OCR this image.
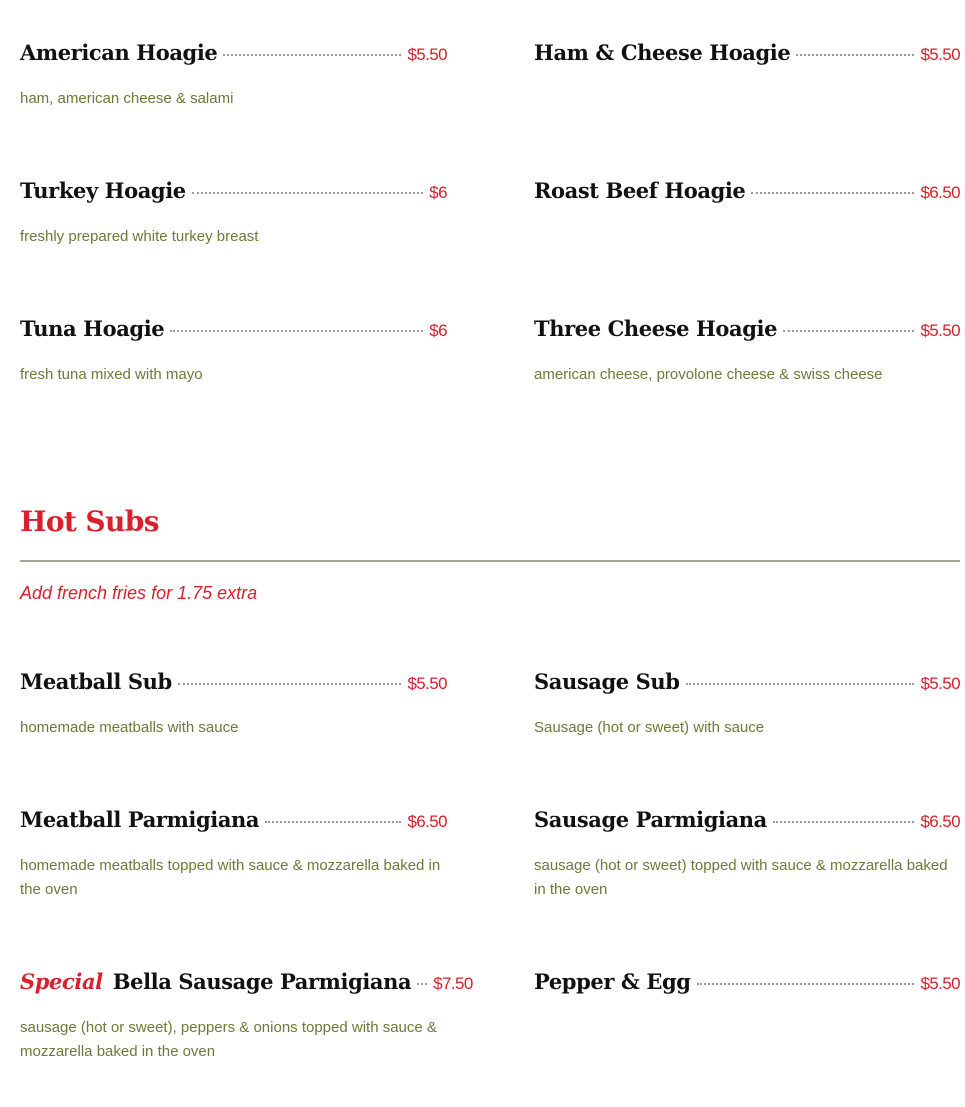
American Hoagie	$5.50
ham, american cheese & salami
Ham & Cheese Hoagie	$5.50
Turkey Hoagie	$6
freshly prepared white turkey breast
Roast Beef Hoagie	$6.50
Tuna Hoagie	$6
fresh tuna mixed with mayo
Three Cheese Hoagie	$5.50
american cheese, provolone cheese & swiss cheese
Hot Subs
Add french fries for 1.75 extra
Meatball Sub	$5.50
homemade meatballs with sauce
Sausage Sub	$5.50
Sausage (hot or sweet) with sauce
Meatball Parmigiana	$6.50
homemade meatballs topped with sauce & mozzarella baked in the oven
Sausage Parmigiana	$6.50
sausage (hot or sweet) topped with sauce & mozzarella baked in the oven
Special Bella Sausage Parmigiana $7.50
sausage (hot or sweet), peppers & onions topped with sauce & mozzarella baked in the oven
Pepper & Egg	$5.50
